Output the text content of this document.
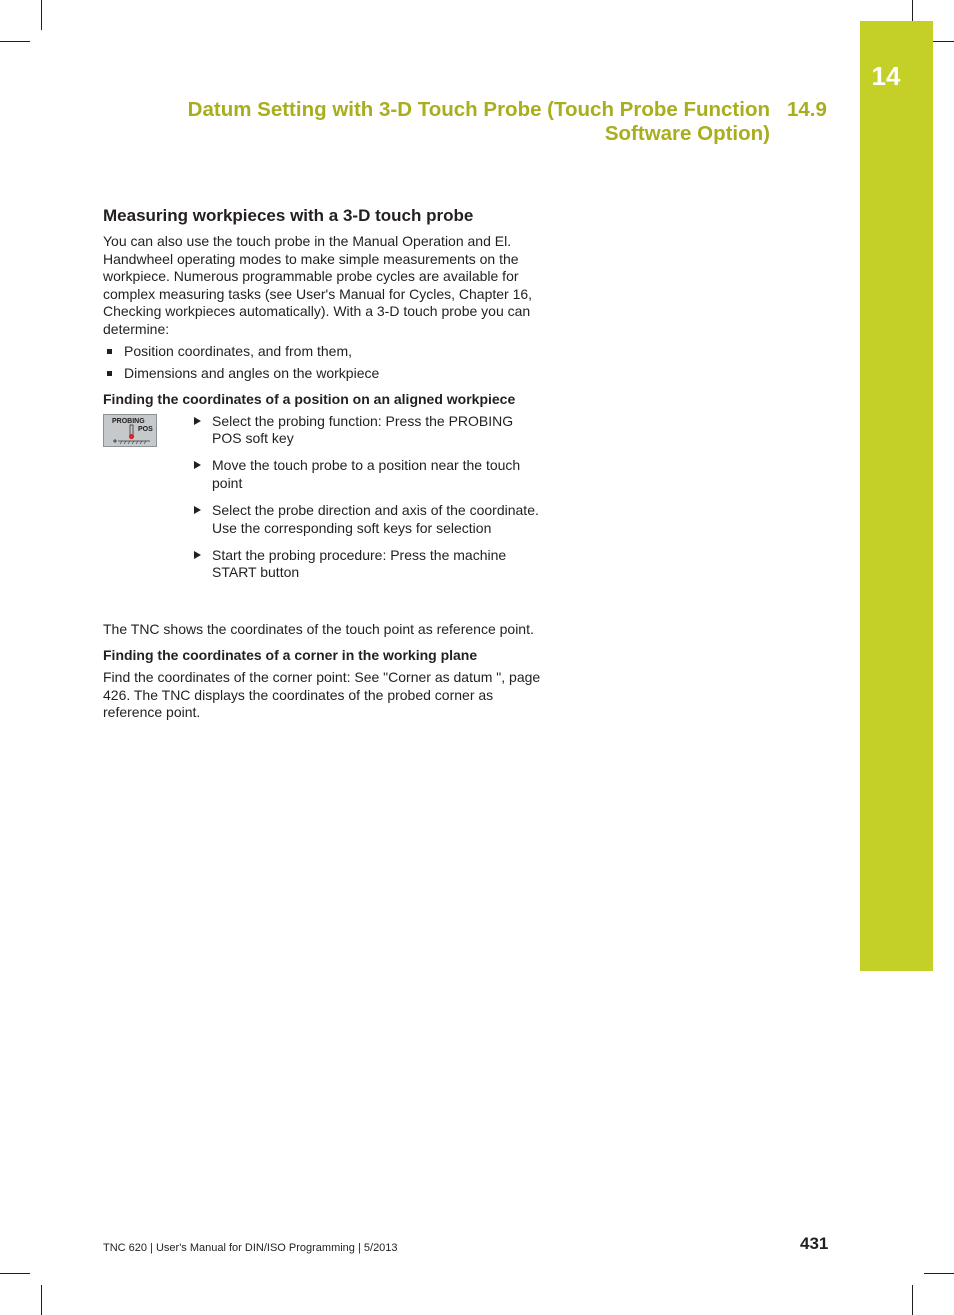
14
Datum Setting with 3-D Touch Probe (Touch Probe Function
Software Option)
14.9
Measuring workpieces with a 3-D touch probe

You can also use the touch probe in the Manual Operation and El. Handwheel operating modes to make simple measurements on the workpiece. Numerous programmable probe cycles are available for complex measuring tasks (see User's Manual for Cycles, Chapter 16, Checking workpieces automatically). With a 3-D touch probe you can determine:

Position coordinates, and from them,
Dimensions and angles on the workpiece
Finding the coordinates of a position on an aligned workpiece
PROBING
POS
Select the probing function: Press the PROBING POS soft key
Move the touch probe to a position near the touch point
Select the probe direction and axis of the coordinate. Use the corresponding soft keys for selection
Start the probing procedure: Press the machine START button

The TNC shows the coordinates of the touch point as reference point.

Finding the coordinates of a corner in the working plane

Find the coordinates of the corner point: See "Corner as datum ", page 426. The TNC displays the coordinates of the probed corner as reference point.

TNC 620 | User's Manual for DIN/ISO Programming | 5/2013	431
